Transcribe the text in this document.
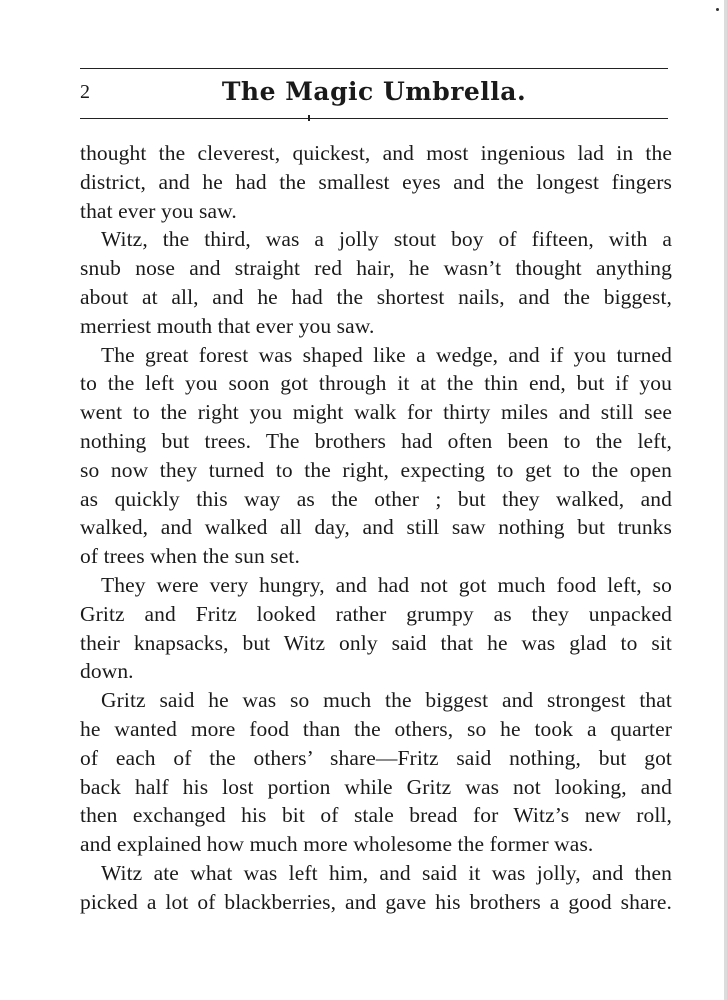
2	The Magic Umbrella.
thought the cleverest, quickest, and most ingenious lad in the
district, and he had the smallest eyes and the longest fingers
that ever you saw.
Witz, the third, was a jolly stout boy of fifteen, with a
snub nose and straight red hair, he wasn’t thought anything
about at all, and he had the shortest nails, and the biggest,
merriest mouth that ever you saw.
The great forest was shaped like a wedge, and if you turned
to the left you soon got through it at the thin end, but if you
went to the right you might walk for thirty miles and still see
nothing but trees. The brothers had often been to the left,
so now they turned to the right, expecting to get to the open
as quickly this way as the other ; but they walked, and
walked, and walked all day, and still saw nothing but trunks
of trees when the sun set.
They were very hungry, and had not got much food left, so
Gritz and Fritz looked rather grumpy as they unpacked
their knapsacks, but Witz only said that he was glad to sit
down.
Gritz said he was so much the biggest and strongest that
he wanted more food than the others, so he took a quarter
of each of the others’ share—Fritz said nothing, but got
back half his lost portion while Gritz was not looking, and
then exchanged his bit of stale bread for Witz’s new roll,
and explained how much more wholesome the former was.
Witz ate what was left him, and said it was jolly, and then
picked a lot of blackberries, and gave his brothers a good share.
